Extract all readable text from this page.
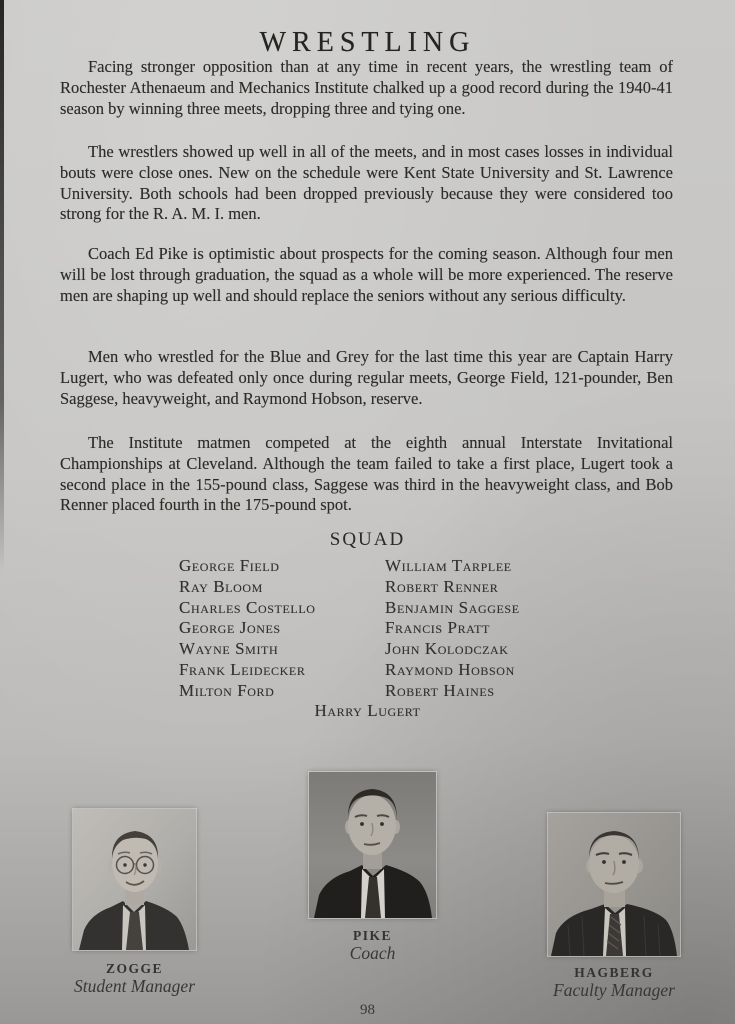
WRESTLING

Facing stronger opposition than at any time in recent years, the wrestling team of Rochester Athenaeum and Mechanics Institute chalked up a good record during the 1940-41 season by winning three meets, dropping three and tying one.

The wrestlers showed up well in all of the meets, and in most cases losses in individual bouts were close ones. New on the schedule were Kent State University and St. Lawrence University. Both schools had been dropped previously because they were considered too strong for the R. A. M. I. men.

Coach Ed Pike is optimistic about prospects for the coming season. Although four men will be lost through graduation, the squad as a whole will be more experienced. The reserve men are shaping up well and should replace the seniors without any serious difficulty.

Men who wrestled for the Blue and Grey for the last time this year are Captain Harry Lugert, who was defeated only once during regular meets, George Field, 121-pounder, Ben Saggese, heavyweight, and Raymond Hobson, reserve.

The Institute matmen competed at the eighth annual Interstate Invitational Championships at Cleveland. Although the team failed to take a first place, Lugert took a second place in the 155-pound class, Saggese was third in the heavyweight class, and Bob Renner placed fourth in the 175-pound spot.

SQUAD
George Field
Ray Bloom
Charles Costello
George Jones
Wayne Smith
Frank Leidecker
Milton Ford
William Tarplee
Robert Renner
Benjamin Saggese
Francis Pratt
John Kolodczak
Raymond Hobson
Robert Haines
Harry Lugert
ZOGGE
Student Manager
PIKE
Coach
HAGBERG
Faculty Manager
98
